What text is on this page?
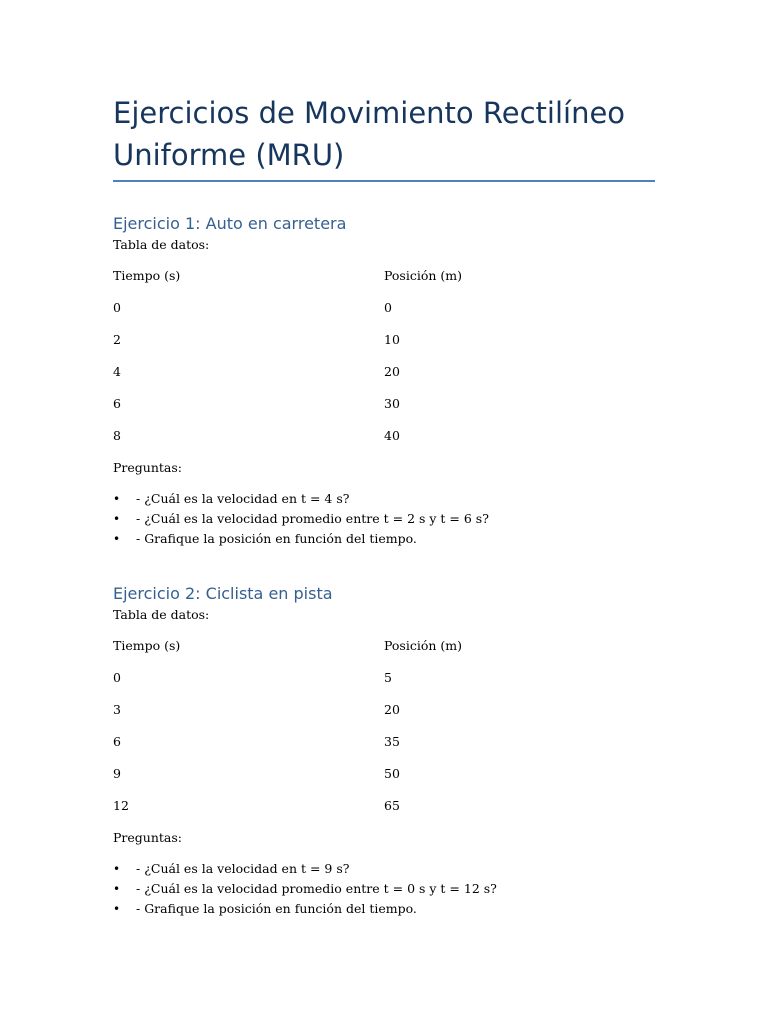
Ejercicios de Movimiento Rectilíneo Uniforme (MRU)
Ejercicio 1: Auto en carretera
Tabla de datos:
Tiempo (s)	Posición (m)
0	0
2	10
4	20
6	30
8	40
Preguntas:
• - ¿Cuál es la velocidad en t = 4 s?
• - ¿Cuál es la velocidad promedio entre t = 2 s y t = 6 s?
• - Grafique la posición en función del tiempo.
Ejercicio 2: Ciclista en pista
Tabla de datos:
Tiempo (s)	Posición (m)
0	5
3	20
6	35
9	50
12	65
Preguntas:
• - ¿Cuál es la velocidad en t = 9 s?
• - ¿Cuál es la velocidad promedio entre t = 0 s y t = 12 s?
• - Grafique la posición en función del tiempo.
